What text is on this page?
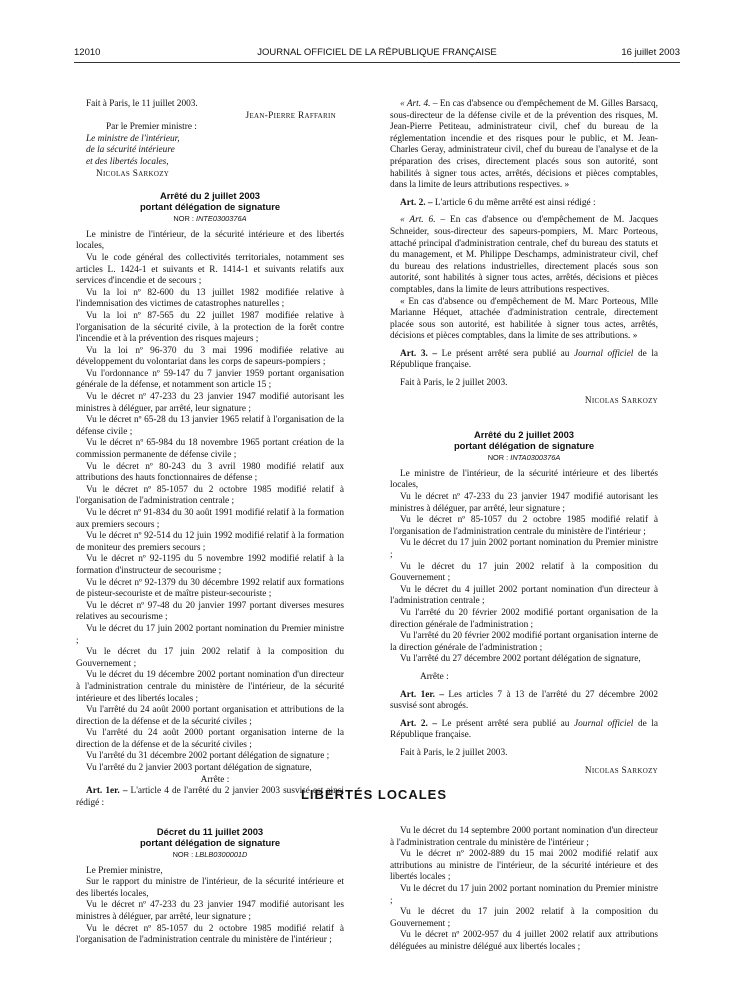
12010	JOURNAL OFFICIEL DE LA RÉPUBLIQUE FRANÇAISE	16 juillet 2003

Fait à Paris, le 11 juillet 2003.

Jean-Pierre Raffarin

Par le Premier ministre :

Le ministre de l'intérieur,

de la sécurité intérieure

et des libertés locales,

Nicolas Sarkozy

Arrêté du 2 juillet 2003
portant délégation de signature
NOR : INTE0300376A

Le ministre de l'intérieur, de la sécurité intérieure et des libertés locales,

Vu le code général des collectivités territoriales, notamment ses articles L. 1424-1 et suivants et R. 1414-1 et suivants relatifs aux services d'incendie et de secours ;

Vu la loi nº 82-600 du 13 juillet 1982 modifiée relative à l'indemnisation des victimes de catastrophes naturelles ;

Vu la loi nº 87-565 du 22 juillet 1987 modifiée relative à l'organisation de la sécurité civile, à la protection de la forêt contre l'incendie et à la prévention des risques majeurs ;

Vu la loi nº 96-370 du 3 mai 1996 modifiée relative au développement du volontariat dans les corps de sapeurs-pompiers ;

Vu l'ordonnance nº 59-147 du 7 janvier 1959 portant organisation générale de la défense, et notamment son article 15 ;

Vu le décret nº 47-233 du 23 janvier 1947 modifié autorisant les ministres à déléguer, par arrêté, leur signature ;

Vu le décret nº 65-28 du 13 janvier 1965 relatif à l'organisation de la défense civile ;

Vu le décret nº 65-984 du 18 novembre 1965 portant création de la commission permanente de défense civile ;

Vu le décret nº 80-243 du 3 avril 1980 modifié relatif aux attributions des hauts fonctionnaires de défense ;

Vu le décret nº 85-1057 du 2 octobre 1985 modifié relatif à l'organisation de l'administration centrale ;

Vu le décret nº 91-834 du 30 août 1991 modifié relatif à la formation aux premiers secours ;

Vu le décret nº 92-514 du 12 juin 1992 modifié relatif à la formation de moniteur des premiers secours ;

Vu le décret nº 92-1195 du 5 novembre 1992 modifié relatif à la formation d'instructeur de secourisme ;

Vu le décret nº 92-1379 du 30 décembre 1992 relatif aux formations de pisteur-secouriste et de maître pisteur-secouriste ;

Vu le décret nº 97-48 du 20 janvier 1997 portant diverses mesures relatives au secourisme ;

Vu le décret du 17 juin 2002 portant nomination du Premier ministre ;

Vu le décret du 17 juin 2002 relatif à la composition du Gouvernement ;

Vu le décret du 19 décembre 2002 portant nomination d'un directeur à l'administration centrale du ministère de l'intérieur, de la sécurité intérieure et des libertés locales ;

Vu l'arrêté du 24 août 2000 portant organisation et attributions de la direction de la défense et de la sécurité civiles ;

Vu l'arrêté du 24 août 2000 portant organisation interne de la direction de la défense et de la sécurité civiles ;

Vu l'arrêté du 31 décembre 2002 portant délégation de signature ;

Vu l'arrêté du 2 janvier 2003 portant délégation de signature,

Arrête :

Art. 1er. – L'article 4 de l'arrêté du 2 janvier 2003 susvisé est ainsi rédigé :

« Art. 4. – En cas d'absence ou d'empêchement de M. Gilles Barsacq, sous-directeur de la défense civile et de la prévention des risques, M. Jean-Pierre Petiteau, administrateur civil, chef du bureau de la réglementation incendie et des risques pour le public, et M. Jean-Charles Geray, administrateur civil, chef du bureau de l'analyse et de la préparation des crises, directement placés sous son autorité, sont habilités à signer tous actes, arrêtés, décisions et pièces comptables, dans la limite de leurs attributions respectives. »

Art. 2. – L'article 6 du même arrêté est ainsi rédigé :

« Art. 6. – En cas d'absence ou d'empêchement de M. Jacques Schneider, sous-directeur des sapeurs-pompiers, M. Marc Porteous, attaché principal d'administration centrale, chef du bureau des statuts et du management, et M. Philippe Deschamps, administrateur civil, chef du bureau des relations industrielles, directement placés sous son autorité, sont habilités à signer tous actes, arrêtés, décisions et pièces comptables, dans la limite de leurs attributions respectives.

« En cas d'absence ou d'empêchement de M. Marc Porteous, Mlle Marianne Héquet, attachée d'administration centrale, directement placée sous son autorité, est habilitée à signer tous actes, arrêtés, décisions et pièces comptables, dans la limite de ses attributions. »

Art. 3. – Le présent arrêté sera publié au Journal officiel de la République française.

Fait à Paris, le 2 juillet 2003.

Nicolas Sarkozy

Arrêté du 2 juillet 2003
portant délégation de signature
NOR : INTA0300376A

Le ministre de l'intérieur, de la sécurité intérieure et des libertés locales,

Vu le décret nº 47-233 du 23 janvier 1947 modifié autorisant les ministres à déléguer, par arrêté, leur signature ;

Vu le décret nº 85-1057 du 2 octobre 1985 modifié relatif à l'organisation de l'administration centrale du ministère de l'intérieur ;

Vu le décret du 17 juin 2002 portant nomination du Premier ministre ;

Vu le décret du 17 juin 2002 relatif à la composition du Gouvernement ;

Vu le décret du 4 juillet 2002 portant nomination d'un directeur à l'administration centrale ;

Vu l'arrêté du 20 février 2002 modifié portant organisation de la direction générale de l'administration ;

Vu l'arrêté du 20 février 2002 modifié portant organisation interne de la direction générale de l'administration ;

Vu l'arrêté du 27 décembre 2002 portant délégation de signature,

Arrête :

Art. 1er. – Les articles 7 à 13 de l'arrêté du 27 décembre 2002 susvisé sont abrogés.

Art. 2. – Le présent arrêté sera publié au Journal officiel de la République française.

Fait à Paris, le 2 juillet 2003.

Nicolas Sarkozy

LIBERTÉS LOCALES
Décret du 11 juillet 2003
portant délégation de signature
NOR : LBLB0300001D

Le Premier ministre,

Sur le rapport du ministre de l'intérieur, de la sécurité intérieure et des libertés locales,

Vu le décret nº 47-233 du 23 janvier 1947 modifié autorisant les ministres à déléguer, par arrêté, leur signature ;

Vu le décret nº 85-1057 du 2 octobre 1985 modifié relatif à l'organisation de l'administration centrale du ministère de l'intérieur ;

Vu le décret du 14 septembre 2000 portant nomination d'un directeur à l'administration centrale du ministère de l'intérieur ;

Vu le décret nº 2002-889 du 15 mai 2002 modifié relatif aux attributions au ministre de l'intérieur, de la sécurité intérieure et des libertés locales ;

Vu le décret du 17 juin 2002 portant nomination du Premier ministre ;

Vu le décret du 17 juin 2002 relatif à la composition du Gouvernement ;

Vu le décret nº 2002-957 du 4 juillet 2002 relatif aux attributions déléguées au ministre délégué aux libertés locales ;
